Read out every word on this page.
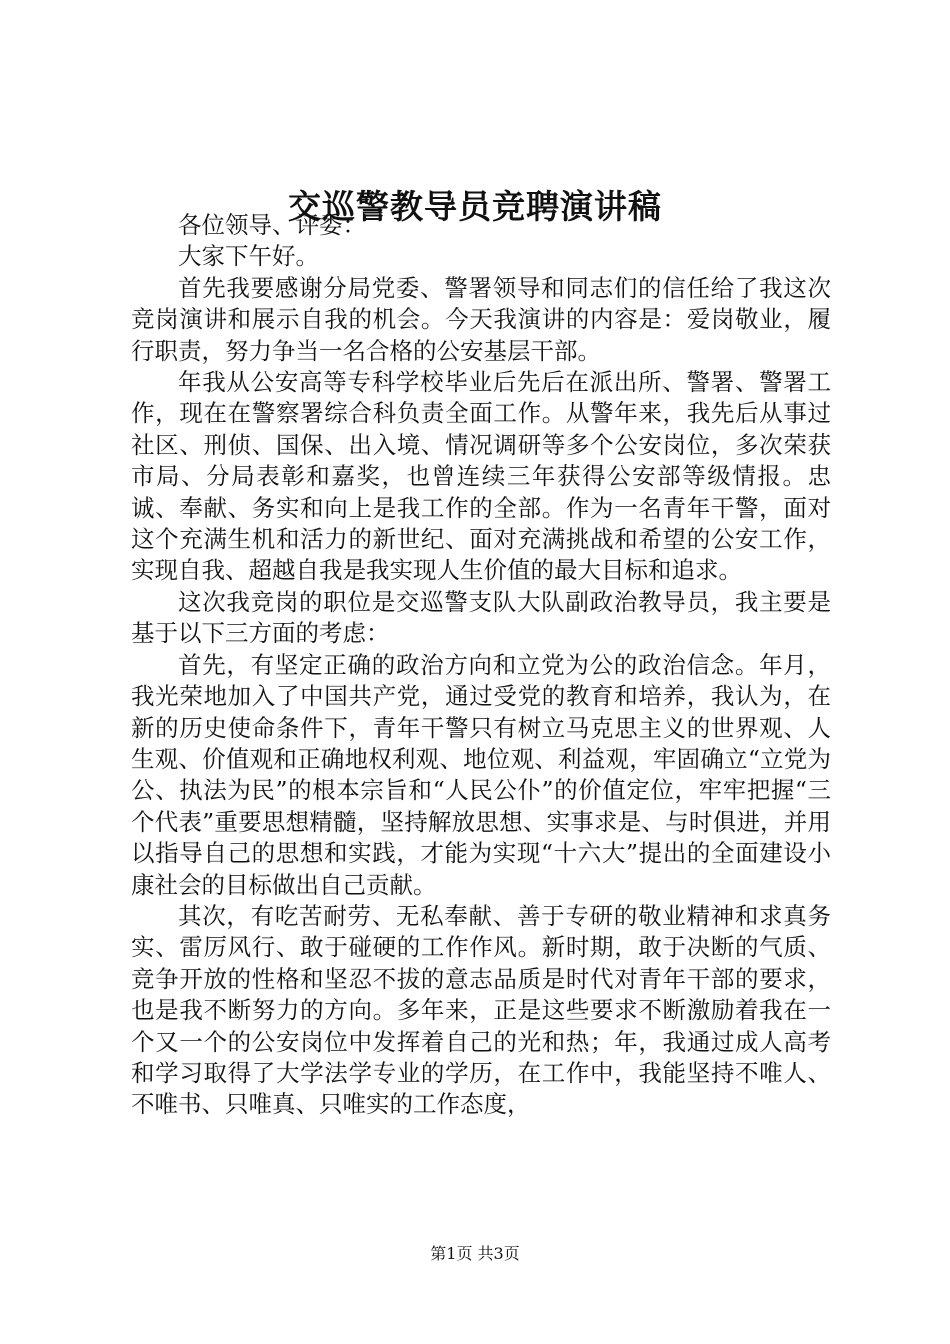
交巡警教导员竞聘演讲稿

各位领导、评委：

大家下午好。

首先我要感谢分局党委、警署领导和同志们的信任给了我这次竞岗演讲和展示自我的机会。今天我演讲的内容是：爱岗敬业，履行职责，努力争当一名合格的公安基层干部。

年我从公安高等专科学校毕业后先后在派出所、警署、警署工作，现在在警察署综合科负责全面工作。从警年来，我先后从事过社区、刑侦、国保、出入境、情况调研等多个公安岗位，多次荣获市局、分局表彰和嘉奖，也曾连续三年获得公安部等级情报。忠诚、奉献、务实和向上是我工作的全部。作为一名青年干警，面对这个充满生机和活力的新世纪、面对充满挑战和希望的公安工作，实现自我、超越自我是我实现人生价值的最大目标和追求。

这次我竞岗的职位是交巡警支队大队副政治教导员，我主要是基于以下三方面的考虑：

首先，有坚定正确的政治方向和立党为公的政治信念。年月，我光荣地加入了中国共产党，通过受党的教育和培养，我认为，在新的历史使命条件下，青年干警只有树立马克思主义的世界观、人生观、价值观和正确地权利观、地位观、利益观，牢固确立“立党为公、执法为民”的根本宗旨和“人民公仆”的价值定位，牢牢把握“三个代表”重要思想精髓，坚持解放思想、实事求是、与时俱进，并用以指导自己的思想和实践，才能为实现“十六大”提出的全面建设小康社会的目标做出自己贡献。

其次，有吃苦耐劳、无私奉献、善于专研的敬业精神和求真务实、雷厉风行、敢于碰硬的工作作风。新时期，敢于决断的气质、竞争开放的性格和坚忍不拔的意志品质是时代对青年干部的要求，也是我不断努力的方向。多年来，正是这些要求不断激励着我在一个又一个的公安岗位中发挥着自己的光和热；年，我通过成人高考和学习取得了大学法学专业的学历，在工作中，我能坚持不唯人、不唯书、只唯真、只唯实的工作态度，

第1页 共3页
